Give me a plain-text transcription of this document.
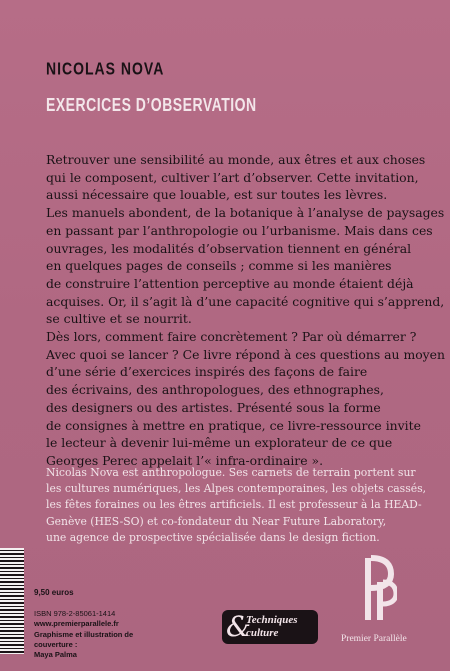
NICOLAS NOVA
EXERCICES D’OBSERVATION
Retrouver une sensibilité au monde, aux êtres et aux choses
qui le composent, cultiver l’art d’observer. Cette invitation,
aussi nécessaire que louable, est sur toutes les lèvres.
Les manuels abondent, de la botanique à l’analyse de paysages
en passant par l’anthropologie ou l’urbanisme. Mais dans ces
ouvrages, les modalités d’observation tiennent en général
en quelques pages de conseils ; comme si les manières
de construire l’attention perceptive au monde étaient déjà
acquises. Or, il s’agit là d’une capacité cognitive qui s’apprend,
se cultive et se nourrit.
Dès lors, comment faire concrètement ? Par où démarrer ?
Avec quoi se lancer ? Ce livre répond à ces questions au moyen
d’une série d’exercices inspirés des façons de faire
des écrivains, des anthropologues, des ethnographes,
des designers ou des artistes. Présenté sous la forme
de consignes à mettre en pratique, ce livre-ressource invite
le lecteur à devenir lui-même un explorateur de ce que
Georges Perec appelait l’« infra-ordinaire ».
Nicolas Nova est anthropologue. Ses carnets de terrain portent sur
les cultures numériques, les Alpes contemporaines, les objets cassés,
les fêtes foraines ou les êtres artificiels. Il est professeur à la HEAD-
Genève (HES-SO) et co-fondateur du Near Future Laboratory,
une agence de prospective spécialisée dans le design fiction.
9,50 euros
ISBN 978-2-85061-1414
www.premierparallele.fr
Graphisme et illustration de couverture :
Maya Palma
&
Techniques
culture	Premier Parallèle
